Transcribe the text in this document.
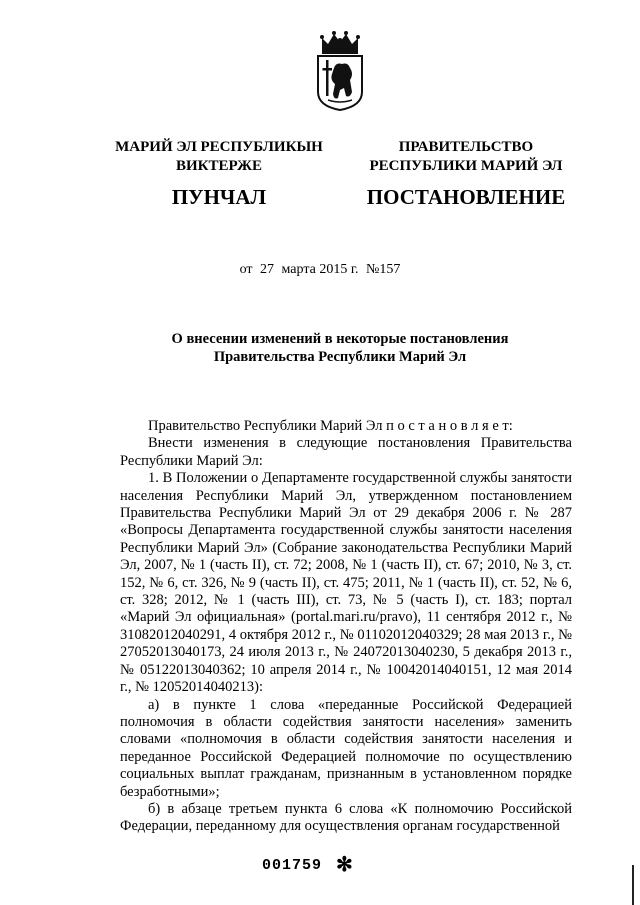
МАРИЙ ЭЛ РЕСПУБЛИКЫН
ВИКТЕРЖЕ
ПУНЧАЛ
ПРАВИТЕЛЬСТВО
РЕСПУБЛИКИ МАРИЙ ЭЛ
ПОСТАНОВЛЕНИЕ
от 27 марта 2015 г. №157
О внесении изменений в некоторые постановления
Правительства Республики Марий Эл

Правительство Республики Марий Эл п о с т а н о в л я е т:

Внести изменения в следующие постановления Правительства Республики Марий Эл:

1. В Положении о Департаменте государственной службы занятости населения Республики Марий Эл, утвержденном постановлением Правительства Республики Марий Эл от 29 декабря 2006 г. № 287 «Вопросы Департамента государственной службы занятости населения Республики Марий Эл» (Собрание законодательства Республики Марий Эл, 2007, № 1 (часть II), ст. 72; 2008, № 1 (часть II), ст. 67; 2010, № 3, ст. 152, № 6, ст. 326, № 9 (часть II), ст. 475; 2011, № 1 (часть II), ст. 52, № 6, ст. 328; 2012, № 1 (часть III), ст. 73, № 5 (часть I), ст. 183; портал «Марий Эл официальная» (portal.mari.ru/pravo), 11 сентября 2012 г., № 31082012040291, 4 октября 2012 г., № 01102012040329; 28 мая 2013 г., № 27052013040173, 24 июля 2013 г., № 24072013040230, 5 декабря 2013 г., № 05122013040362; 10 апреля 2014 г., № 10042014040151, 12 мая 2014 г., № 12052014040213):

а) в пункте 1 слова «переданные Российской Федерацией полномочия в области содействия занятости населения» заменить словами «полномочия в области содействия занятости населения и переданное Российской Федерацией полномочие по осуществлению социальных выплат гражданам, признанным в установленном порядке безработными»;

б) в абзаце третьем пункта 6 слова «К полномочию Российской Федерации, переданному для осуществления органам государственной

001759 ✻
